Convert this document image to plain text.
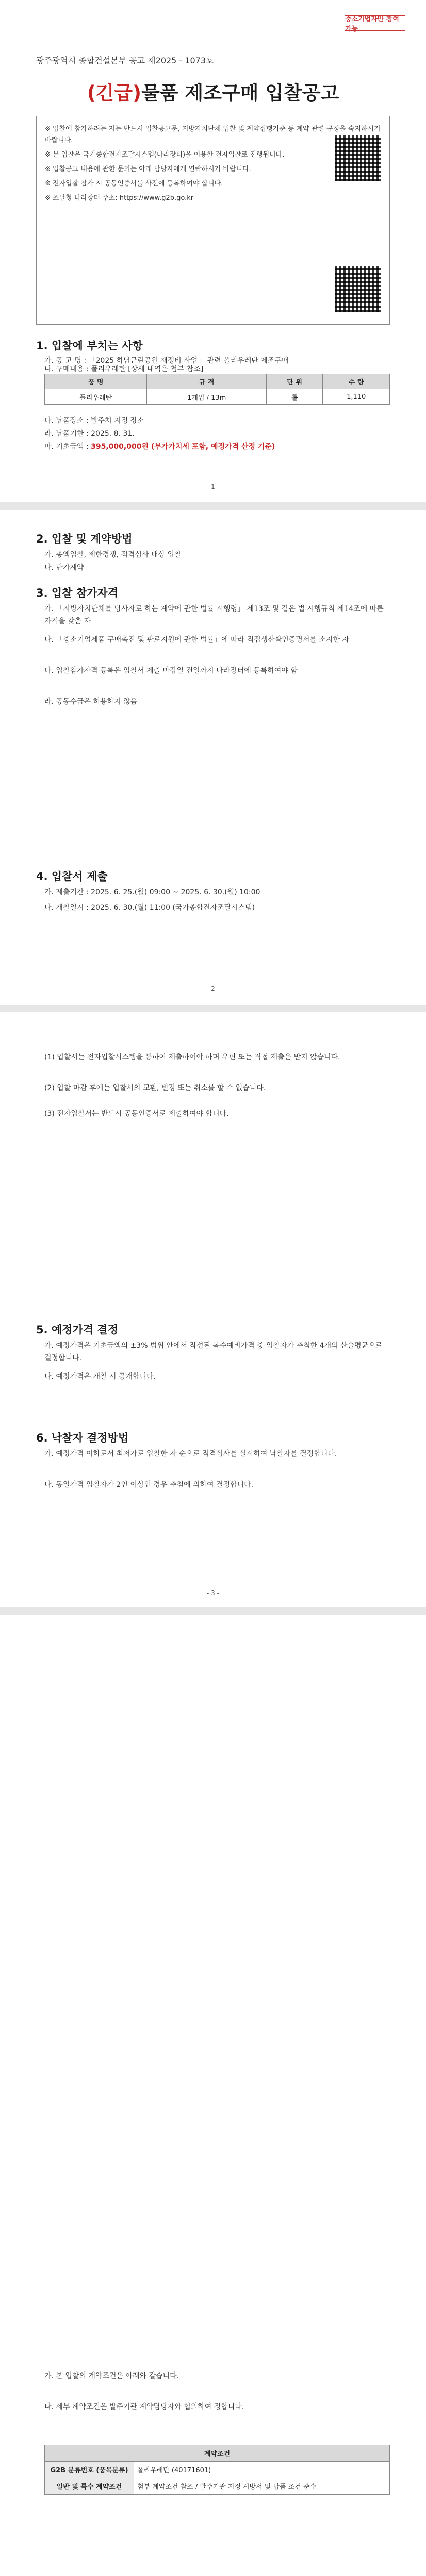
중소기업자만 참여가능
광주광역시 종합건설본부 공고 제2025 - 1073호
(긴급)물품 제조구매 입찰공고

※ 입찰에 참가하려는 자는 반드시 입찰공고문, 지방자치단체 입찰 및 계약집행기준 등 계약 관련 규정을 숙지하시기 바랍니다.

※ 본 입찰은 국가종합전자조달시스템(나라장터)을 이용한 전자입찰로 진행됩니다.

※ 입찰공고 내용에 관한 문의는 아래 담당자에게 연락하시기 바랍니다.

※ 전자입찰 참가 시 공동인증서를 사전에 등록하여야 합니다.

※ 조달청 나라장터 주소: https://www.g2b.go.kr

1. 입찰에 부치는 사항
가. 공 고 명 : 「2025 하남근린공원 재정비 사업」 관련 폴리우레탄 제조구매
나. 구매내용 : 폴리우레탄 [상세 내역은 첨부 참조]
품 명	규 격	단 위	수 량
폴리우레탄	1개입 / 13m	롤	1,110
다. 납품장소 : 발주처 지정 장소
라. 납품기한 : 2025. 8. 31.
마. 기초금액 : 395,000,000원 (부가가치세 포함, 예정가격 산정 기준)
- 1 -
2. 입찰 및 계약방법
가. 총액입찰, 제한경쟁, 적격심사 대상 입찰
나. 단가계약
3. 입찰 참가자격
가. 「지방자치단체를 당사자로 하는 계약에 관한 법률 시행령」 제13조 및 같은 법 시행규칙 제14조에 따른 자격을 갖춘 자
나. 「중소기업제품 구매촉진 및 판로지원에 관한 법률」에 따라 직접생산확인증명서를 소지한 자
다. 입찰참가자격 등록은 입찰서 제출 마감일 전일까지 나라장터에 등록하여야 함
라. 공동수급은 허용하지 않음
4. 입찰서 제출
가. 제출기간 : 2025. 6. 25.(월) 09:00 ~ 2025. 6. 30.(월) 10:00
나. 개찰일시 : 2025. 6. 30.(월) 11:00 (국가종합전자조달시스템)
- 2 -
(1) 입찰서는 전자입찰시스템을 통하여 제출하여야 하며 우편 또는 직접 제출은 받지 않습니다.
(2) 입찰 마감 후에는 입찰서의 교환, 변경 또는 취소를 할 수 없습니다.
(3) 전자입찰서는 반드시 공동인증서로 제출하여야 합니다.
5. 예정가격 결정
가. 예정가격은 기초금액의 ±3% 범위 안에서 작성된 복수예비가격 중 입찰자가 추첨한 4개의 산술평균으로 결정합니다.
나. 예정가격은 개찰 시 공개합니다.
6. 낙찰자 결정방법
가. 예정가격 이하로서 최저가로 입찰한 자 순으로 적격심사를 실시하여 낙찰자를 결정합니다.
나. 동일가격 입찰자가 2인 이상인 경우 추첨에 의하여 결정합니다.
- 3 -
가. 본 입찰의 계약조건은 아래와 같습니다.
나. 세부 계약조건은 발주기관 계약담당자와 협의하여 정합니다.
계약조건	
G2B 분류번호 (품목분류)	폴리우레탄 (40171601)
일반 및 특수 계약조건	첨부 계약조건 참조 / 발주기관 지정 시방서 및 납품 조건 준수
